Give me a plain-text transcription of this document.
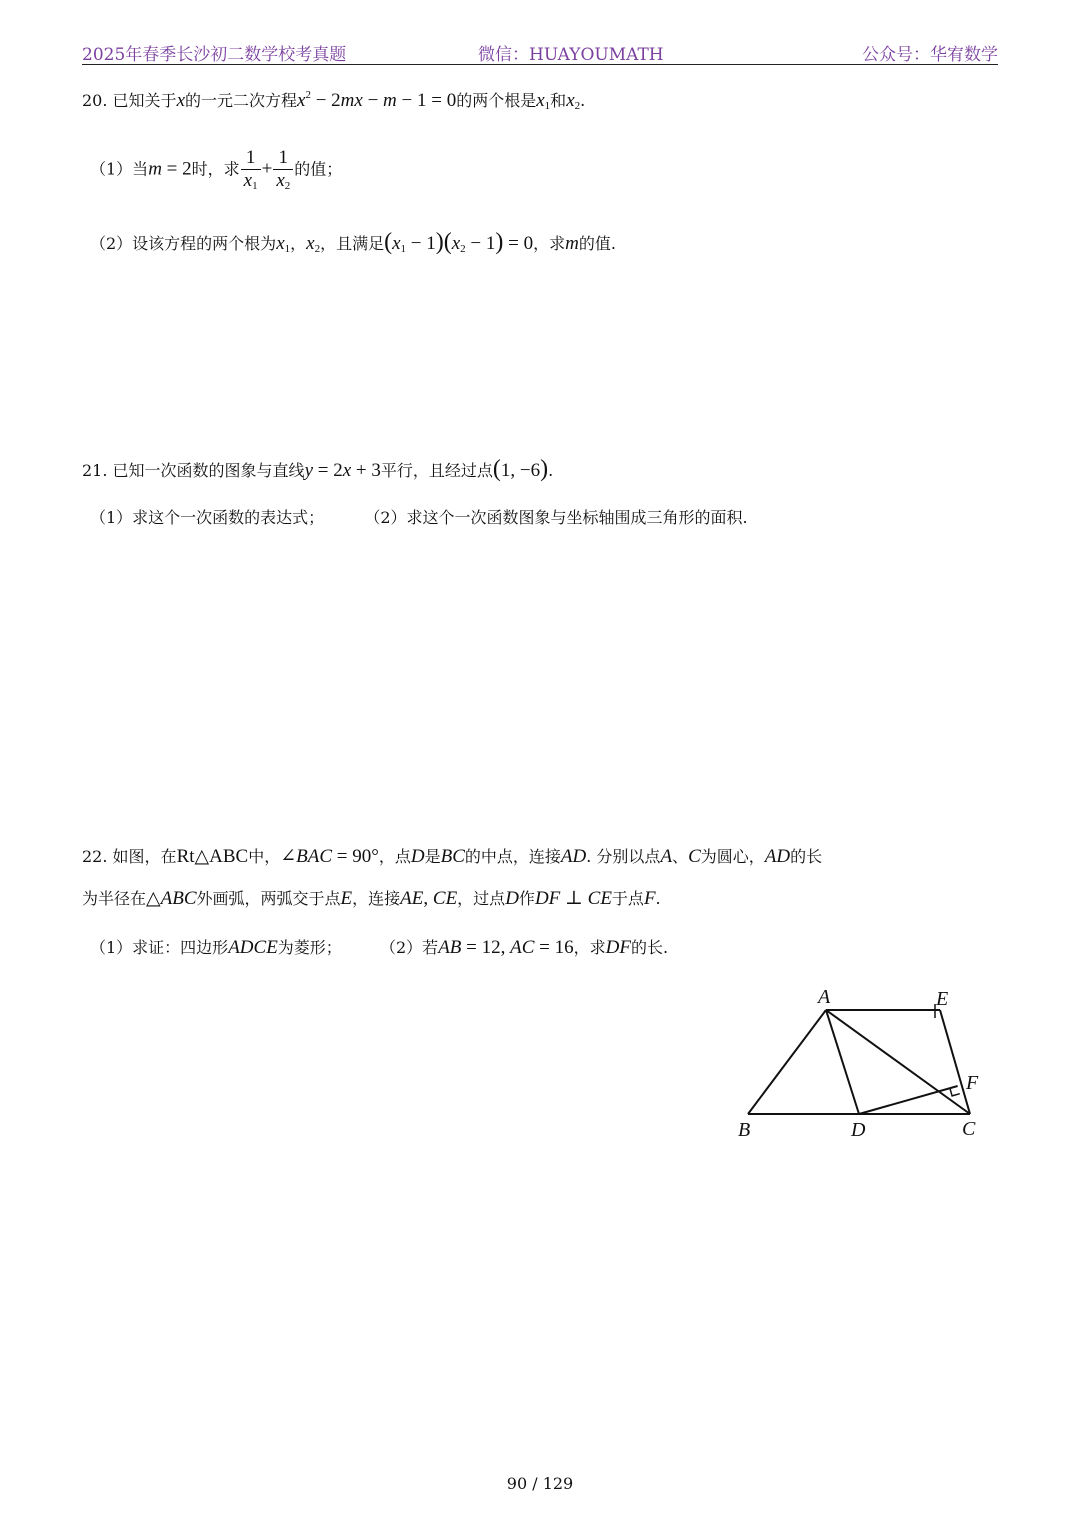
2025年春季长沙初二数学校考真题	微信：HUAYOUMATH	公众号：华宥数学
20. 已知关于x的一元二次方程$x^2 - 2mx - m - 1 = 0$的两个根是$x_1$和$x_2$.
（1）当m = 2时，求 $\frac{1}{x_1} + \frac{1}{x_2}$ 的值；
（2）设该方程的两个根为$x_1$，$x_2$，且满足$(x_1 - 1)(x_2 - 1) = 0$，求m的值.
21. 已知一次函数的图象与直线y = 2x + 3平行，且经过点(1, −6).
（1）求这个一次函数的表达式；	（2）求这个一次函数图象与坐标轴围成三角形的面积.
22. 如图，在Rt△ABC中，∠BAC = 90°，点D是BC的中点，连接AD. 分别以点A、C为圆心，AD的长
为半径在△ABC外画弧，两弧交于点E，连接AE, CE，过点D作DF ⊥ CE于点F.
（1）求证：四边形ADCE为菱形； （2）若AB = 12, AC = 16，求DF的长.
A	E
F
B	D	C
90 / 129
